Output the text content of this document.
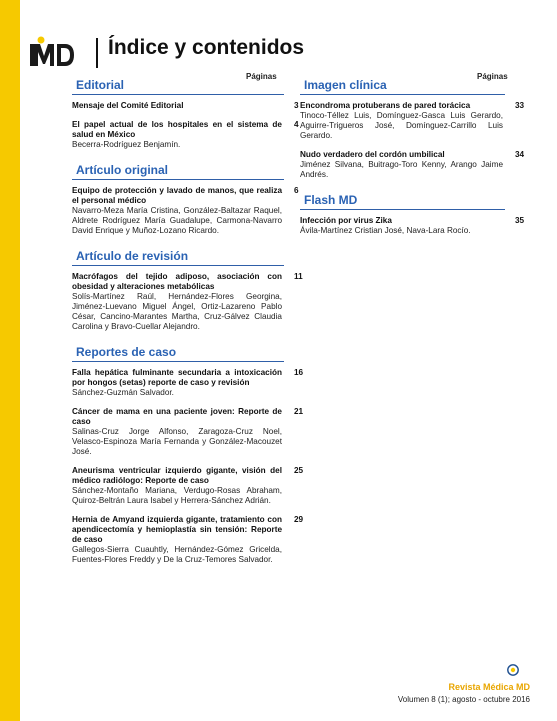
Índice y contenidos
Páginas
Editorial
Mensaje del Comité Editorial	3
El papel actual de los hospitales en el sistema de salud en México
Becerra-Rodríguez Benjamín.
4
Artículo original
Equipo de protección y lavado de manos, que realiza el personal médico
Navarro-Meza María Cristina, González-Baltazar Raquel, Aldrete Rodríguez María Guadalupe, Carmona-Navarro David Enrique y Muñoz-Lozano Ricardo.
6
Artículo de revisión
Macrófagos del tejido adiposo, asociación con obesidad y alteraciones metabólicas
Solís-Martínez Raúl, Hernández-Flores Georgina, Jiménez-Luevano Miguel Ángel, Ortiz-Lazareno Pablo César, Cancino-Marantes Martha, Cruz-Gálvez Claudia Carolina y Bravo-Cuellar Alejandro.
11
Reportes de caso
Falla hepática fulminante secundaria a intoxicación por hongos (setas) reporte de caso y revisión
Sánchez-Guzmán Salvador.
16
Cáncer de mama en una paciente joven: Reporte de caso
Salinas-Cruz Jorge Alfonso, Zaragoza-Cruz Noel, Velasco-Espinoza María Fernanda y González-Macouzet José.
21
Aneurisma ventricular izquierdo gigante, visión del médico radiólogo: Reporte de caso
Sánchez-Montaño Mariana, Verdugo-Rosas Abraham, Quiroz-Beltrán Laura Isabel y Herrera-Sánchez Adrián.
25
Hernia de Amyand izquierda gigante, tratamiento con apendicectomía y hemioplastía sin tensión: Reporte de caso
Gallegos-Sierra Cuauhtly, Hernández-Gómez Gricelda, Fuentes-Flores Freddy y De la Cruz-Temores Salvador.
29
Páginas
Imagen clínica
Encondroma protuberans de pared torácica
Tinoco-Téllez Luis, Domínguez-Gasca Luis Gerardo, Aguirre-Trigueros José, Domínguez-Carrillo Luis Gerardo.
33
Nudo verdadero del cordón umbilical
Jiménez Silvana, Buitrago-Toro Kenny, Arango Jaime Andrés.
34
Flash MD
Infección por virus Zika
Ávila-Martínez Cristian José, Nava-Lara Rocío.
35
Revista Médica MD
Volumen 8 (1); agosto - octubre 2016
